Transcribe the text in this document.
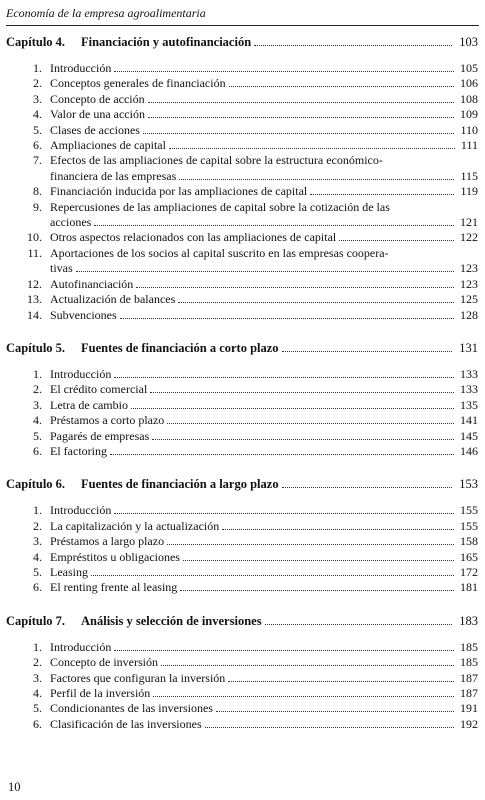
Economía de la empresa agroalimentaria
Capítulo 4.	Financiación y autofinanciación	103
1. Introducción	105
2. Conceptos generales de financiación	106
3. Concepto de acción	108
4. Valor de una acción	109
5. Clases de acciones	110
6. Ampliaciones de capital	111
7. Efectos de las ampliaciones de capital sobre la estructura económico-
financiera de las empresas	115
8. Financiación inducida por las ampliaciones de capital	119
9. Repercusiones de las ampliaciones de capital sobre la cotización de las
acciones	121
10. Otros aspectos relacionados con las ampliaciones de capital	122
11. Aportaciones de los socios al capital suscrito en las empresas coopera-
tivas	123
12. Autofinanciación	123
13. Actualización de balances	125
14. Subvenciones	128
Capítulo 5.	Fuentes de financiación a corto plazo	131
1. Introducción	133
2. El crédito comercial	133
3. Letra de cambio	135
4. Préstamos a corto plazo	141
5. Pagarés de empresas	145
6. El factoring	146
Capítulo 6.	Fuentes de financiación a largo plazo	153
1. Introducción	155
2. La capitalización y la actualización	155
3. Préstamos a largo plazo	158
4. Empréstitos u obligaciones	165
5. Leasing	172
6. El renting frente al leasing	181
Capítulo 7.	Análisis y selección de inversiones	183
1. Introducción	185
2. Concepto de inversión	185
3. Factores que configuran la inversión	187
4. Perfil de la inversión	187
5. Condicionantes de las inversiones	191
6. Clasificación de las inversiones	192
10
